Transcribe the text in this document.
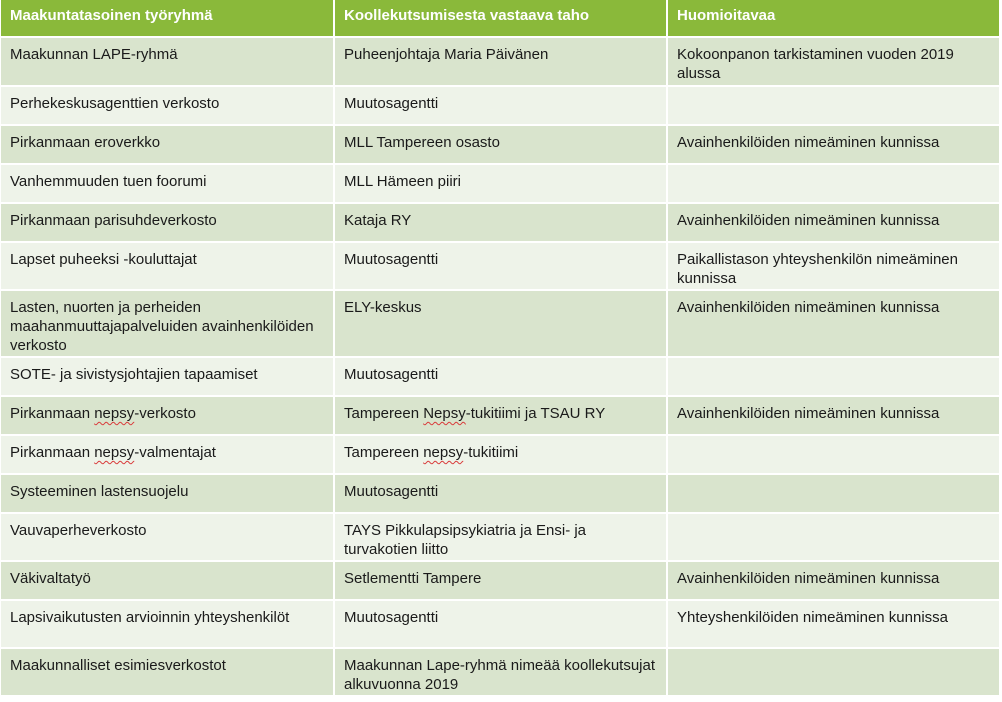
Maakuntatasoinen työryhmä	Koollekutsumisesta vastaava taho	Huomioitavaa
Maakunnan LAPE-ryhmä	Puheenjohtaja Maria Päivänen	Kokoonpanon tarkistaminen vuoden 2019 alussa
Perhekeskusagenttien verkosto	Muutosagentti	
Pirkanmaan eroverkko	MLL Tampereen osasto	Avainhenkilöiden nimeäminen kunnissa
Vanhemmuuden tuen foorumi	MLL Hämeen piiri	
Pirkanmaan parisuhdeverkosto	Kataja RY	Avainhenkilöiden nimeäminen kunnissa
Lapset puheeksi -kouluttajat	Muutosagentti	Paikallistason yhteyshenkilön nimeäminen kunnissa
Lasten, nuorten ja perheiden maahanmuuttajapalveluiden avainhenkilöiden verkosto	ELY-keskus	Avainhenkilöiden nimeäminen kunnissa
SOTE- ja sivistysjohtajien tapaamiset	Muutosagentti	
Pirkanmaan nepsy-verkosto	Tampereen Nepsy-tukitiimi ja TSAU RY	Avainhenkilöiden nimeäminen kunnissa
Pirkanmaan nepsy-valmentajat	Tampereen nepsy-tukitiimi	
Systeeminen lastensuojelu	Muutosagentti	
Vauvaperheverkosto	TAYS Pikkulapsipsykiatria ja Ensi- ja turvakotien liitto	
Väkivaltatyö	Setlementti Tampere	Avainhenkilöiden nimeäminen kunnissa
Lapsivaikutusten arvioinnin yhteyshenkilöt	Muutosagentti	Yhteyshenkilöiden nimeäminen kunnissa
Maakunnalliset esimiesverkostot	Maakunnan Lape-ryhmä nimeää koollekutsujat alkuvuonna 2019	
